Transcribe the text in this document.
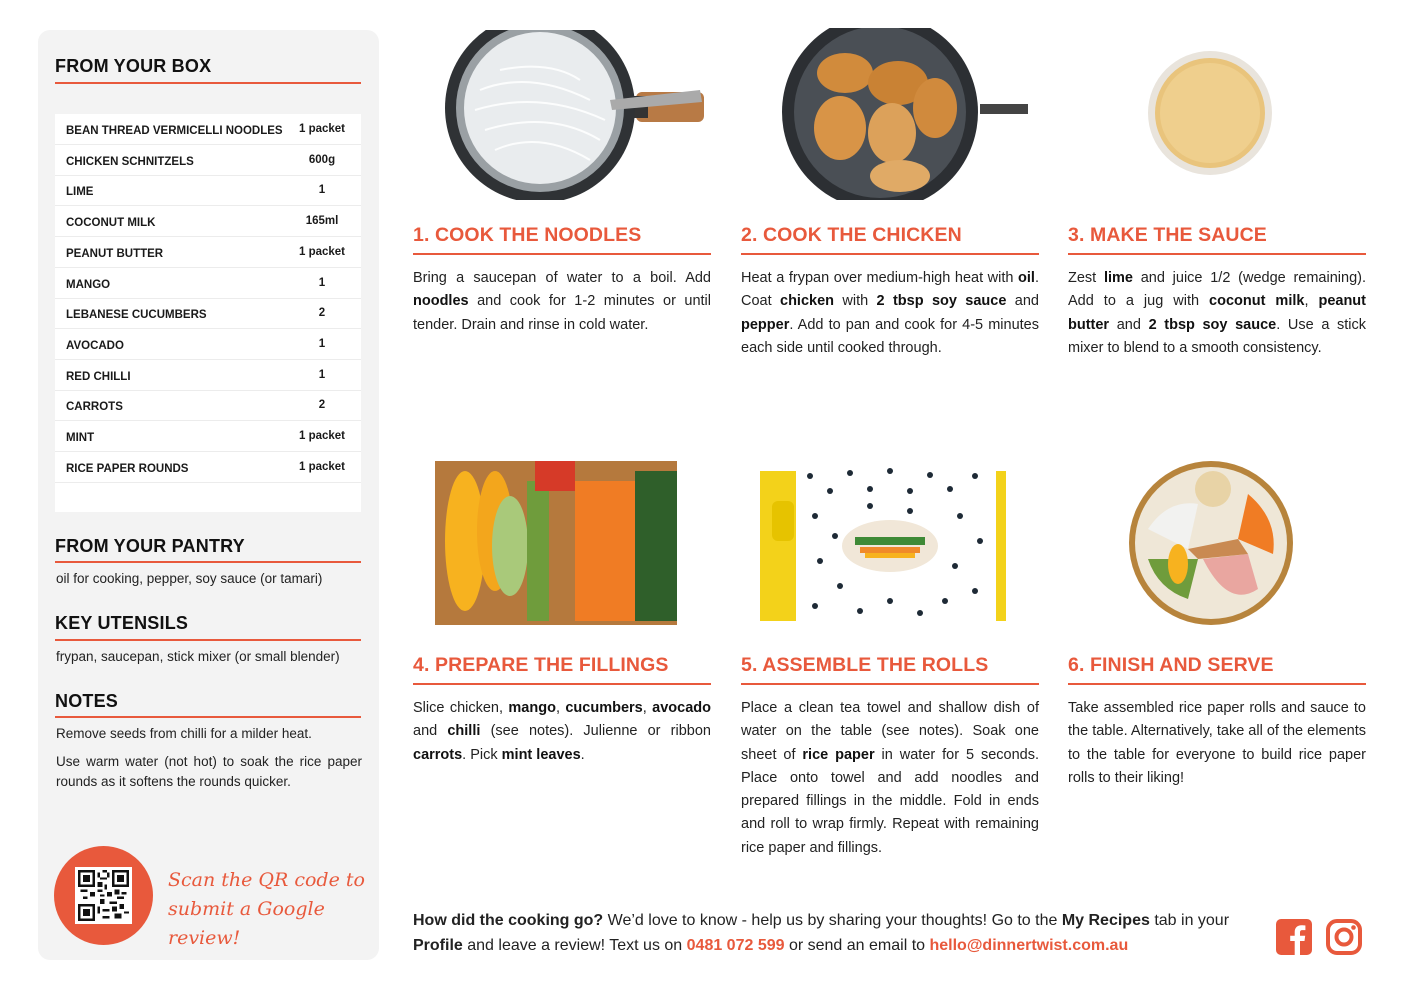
FROM YOUR BOX
BEAN THREAD VERMICELLI NOODLES	1 packet
CHICKEN SCHNITZELS	600g
LIME	1
COCONUT MILK	165ml
PEANUT BUTTER	1 packet
MANGO	1
LEBANESE CUCUMBERS	2
AVOCADO	1
RED CHILLI	1
CARROTS	2
MINT	1 packet
RICE PAPER ROUNDS	1 packet
FROM YOUR PANTRY
oil for cooking, pepper, soy sauce (or tamari)
KEY UTENSILS
frypan, saucepan, stick mixer (or small blender)
NOTES
Remove seeds from chilli for a milder heat.
Use warm water (not hot) to soak the rice paper rounds as it softens the rounds quicker.
Scan the QR code to
submit a Google review!
1. COOK THE NOODLES
Bring a saucepan of water to a boil. Add noodles and cook for 1-2 minutes or until tender. Drain and rinse in cold water.
2. COOK THE CHICKEN
Heat a frypan over medium-high heat with oil. Coat chicken with 2 tbsp soy sauce and pepper. Add to pan and cook for 4-5 minutes each side until cooked through.
3. MAKE THE SAUCE
Zest lime and juice 1/2 (wedge remaining). Add to a jug with coconut milk, peanut butter and 2 tbsp soy sauce. Use a stick mixer to blend to a smooth consistency.
4. PREPARE THE FILLINGS
Slice chicken, mango, cucumbers, avocado and chilli (see notes). Julienne or ribbon carrots. Pick mint leaves.
5. ASSEMBLE THE ROLLS
Place a clean tea towel and shallow dish of water on the table (see notes). Soak one sheet of rice paper in water for 5 seconds. Place onto towel and add noodles and prepared fillings in the middle. Fold in ends and roll to wrap firmly. Repeat with remaining rice paper and fillings.
6. FINISH AND SERVE
Take assembled rice paper rolls and sauce to the table. Alternatively, take all of the elements to the table for everyone to build rice paper rolls to their liking!
How did the cooking go? We’d love to know - help us by sharing your thoughts! Go to the My Recipes tab in your Profile and leave a review! Text us on 0481 072 599 or send an email to hello@dinnertwist.com.au
